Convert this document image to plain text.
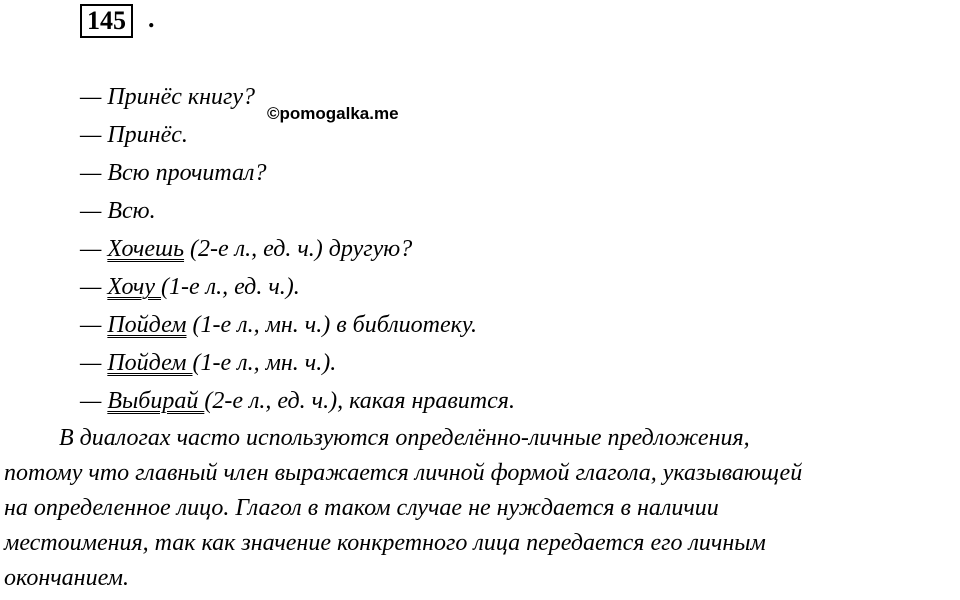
145 .
— Принёс книгу?
— Принёс.
— Всю прочитал?
— Всю.
— Хочешь (2-е л., ед. ч.) другую?
— Хочу (1-е л., ед. ч.).
— Пойдем (1-е л., мн. ч.) в библиотеку.
— Пойдем (1-е л., мн. ч.).
— Выбирай (2-е л., ед. ч.), какая нравится.
©pomogalka.me
В диалогах часто используются определённо-личные предложения,
потому что главный член выражается личной формой глагола, указывающей
на определенное лицо. Глагол в таком случае не нуждается в наличии
местоимения, так как значение конкретного лица передается его личным
окончанием.
